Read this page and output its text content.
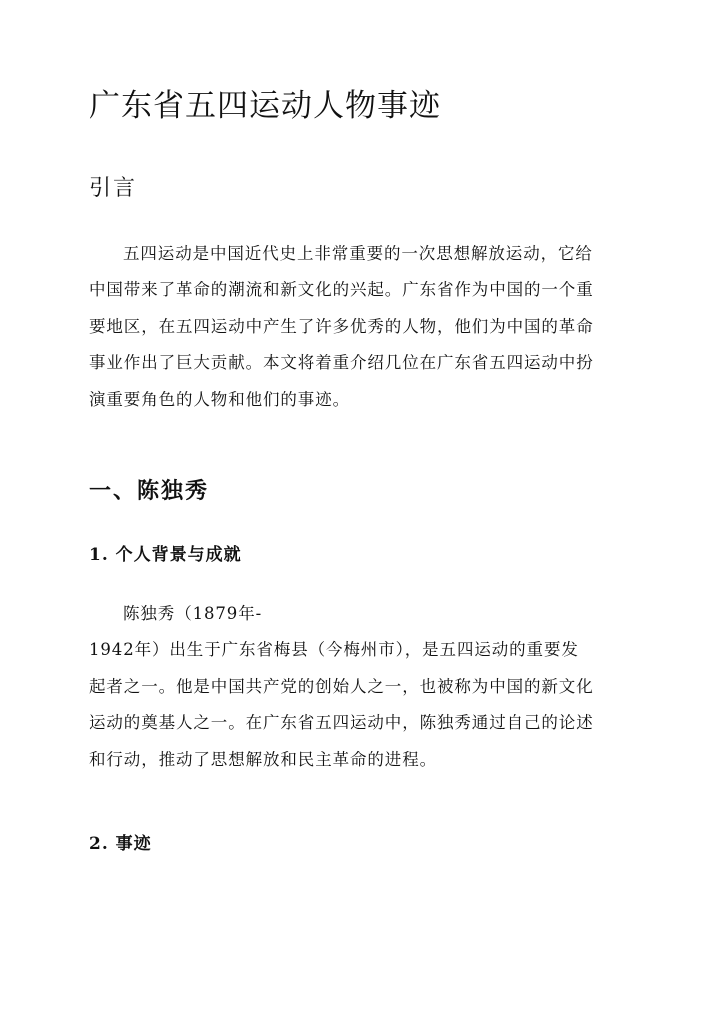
广东省五四运动人物事迹
引言

五四运动是中国近代史上非常重要的一次思想解放运动，它给
中国带来了革命的潮流和新文化的兴起。广东省作为中国的一个重
要地区，在五四运动中产生了许多优秀的人物，他们为中国的革命
事业作出了巨大贡献。本文将着重介绍几位在广东省五四运动中扮
演重要角色的人物和他们的事迹。

一、陈独秀
1. 个人背景与成就

陈独秀（1879年-
1942年）出生于广东省梅县（今梅州市），是五四运动的重要发
起者之一。他是中国共产党的创始人之一，也被称为中国的新文化
运动的奠基人之一。在广东省五四运动中，陈独秀通过自己的论述
和行动，推动了思想解放和民主革命的进程。

2. 事迹
